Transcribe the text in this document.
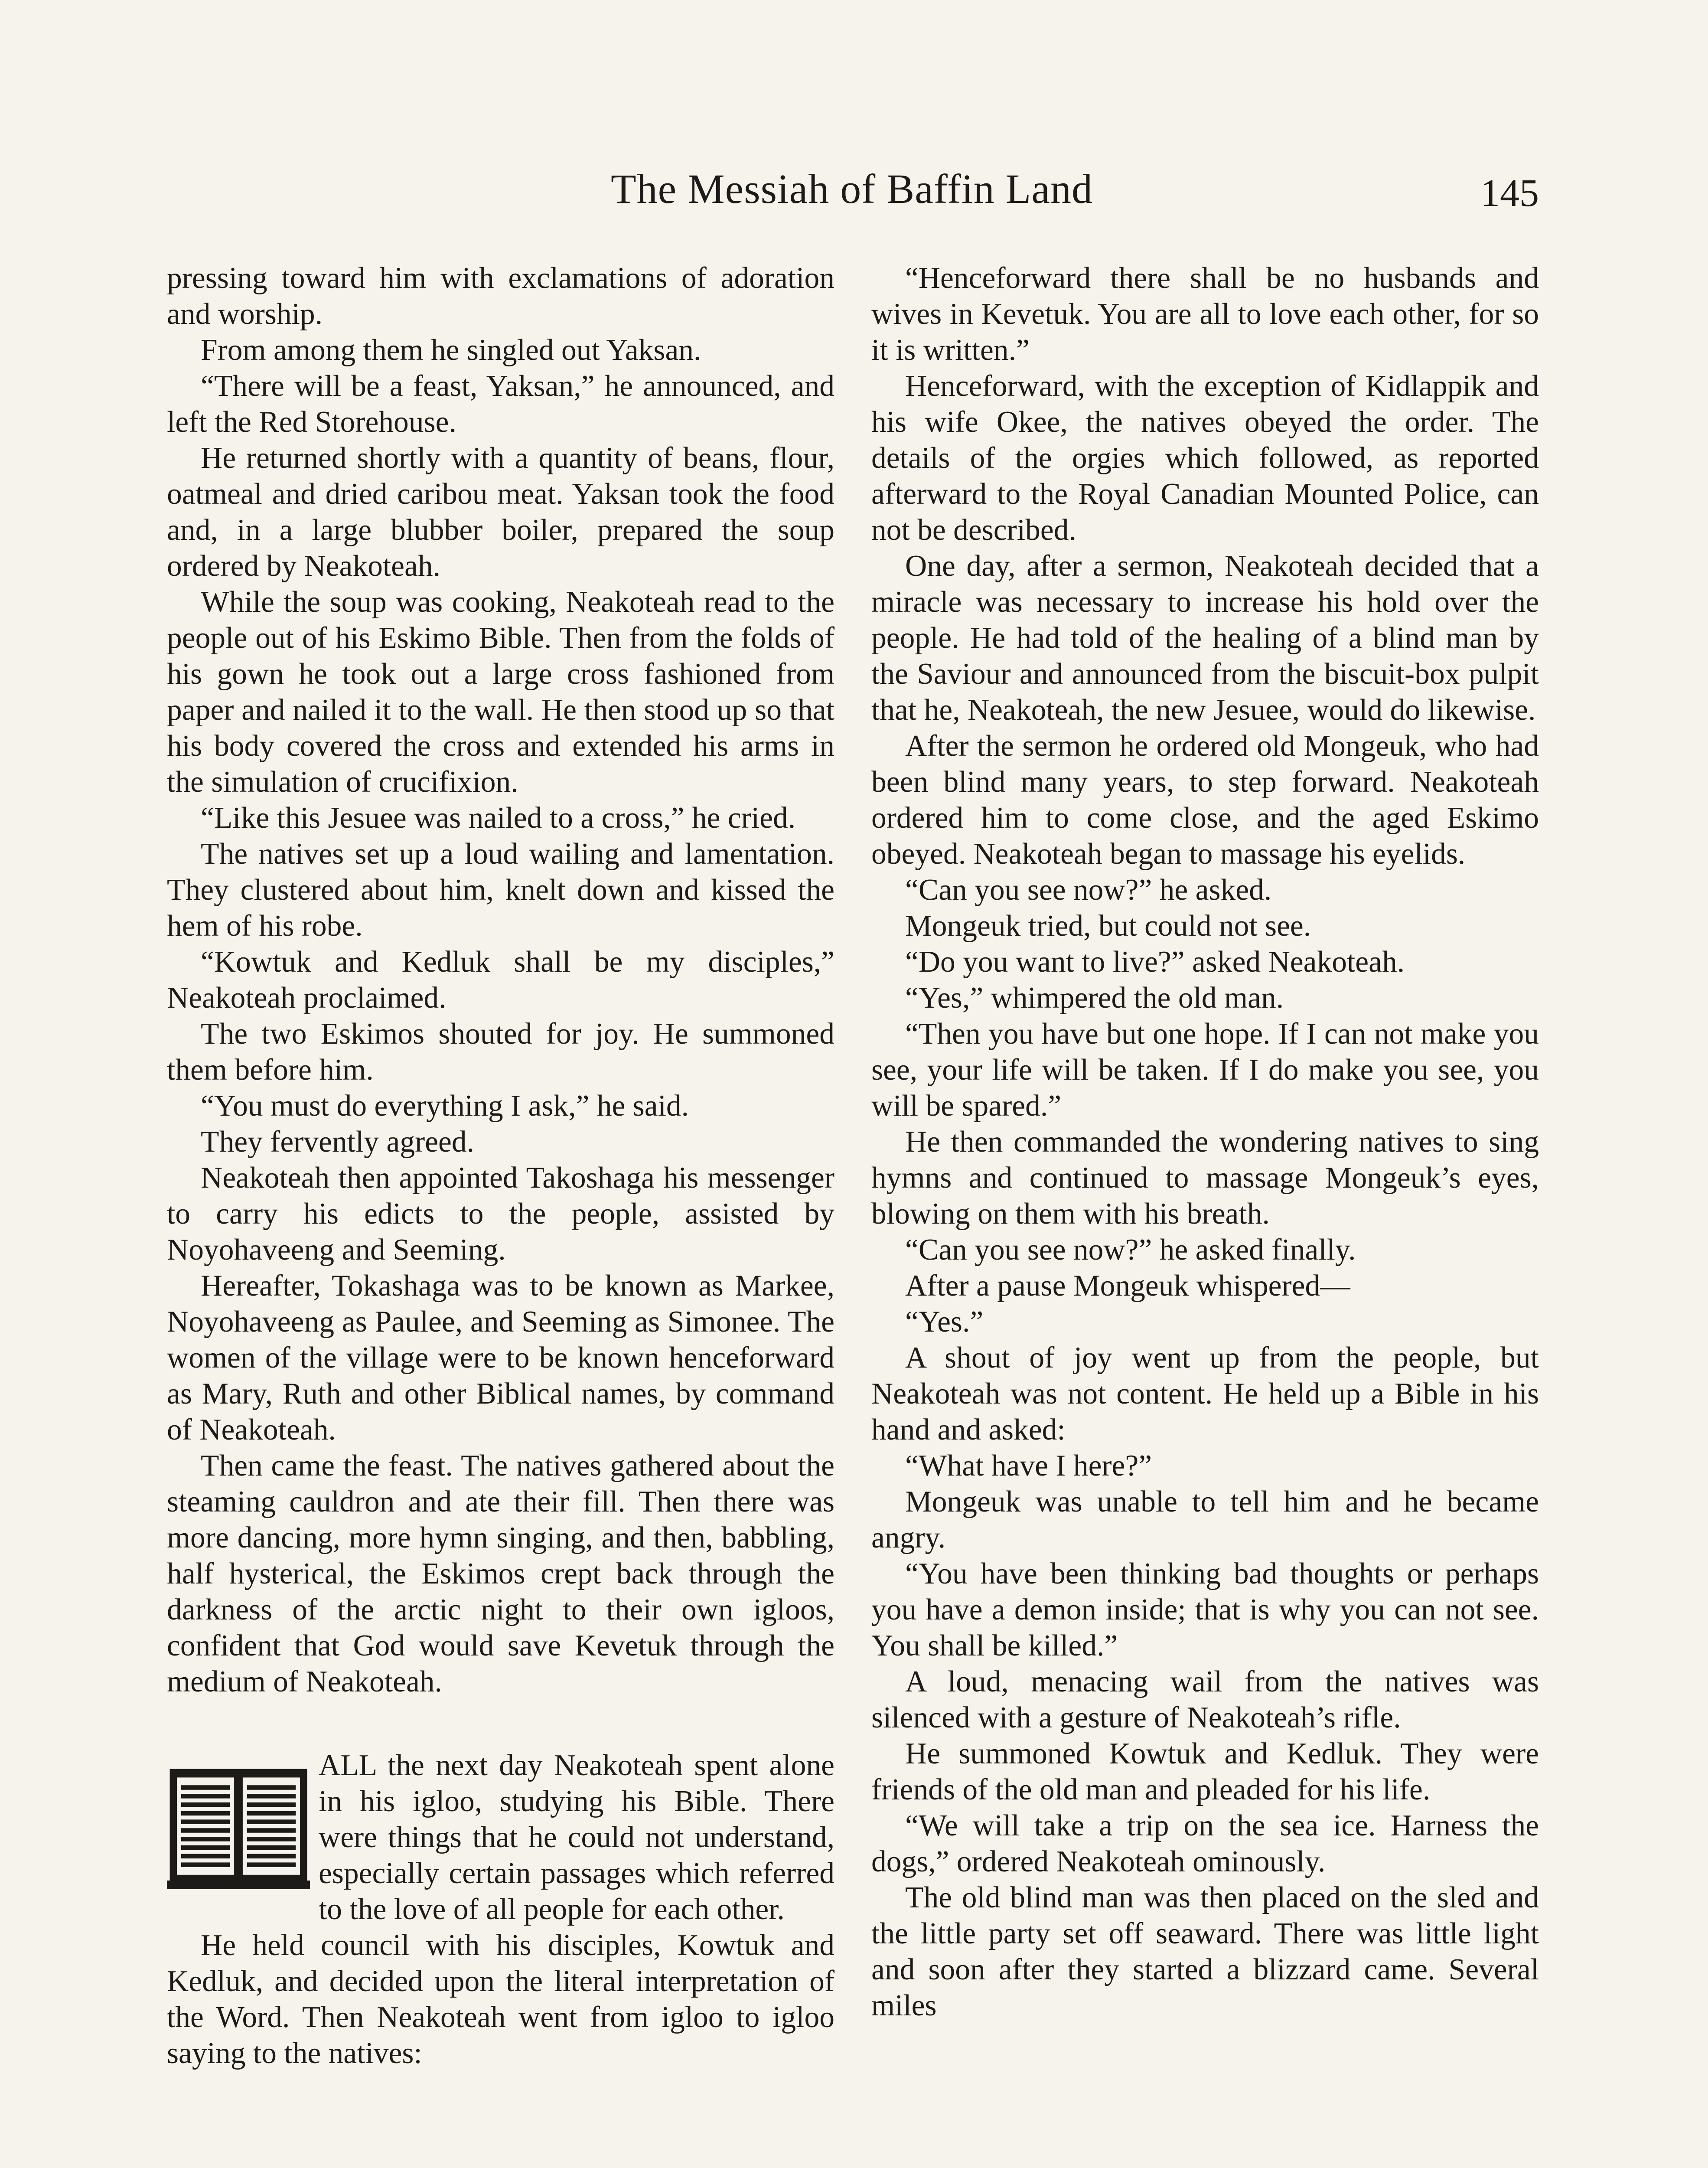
The Messiah of Baffin Land	145

pressing toward him with exclamations of adoration and worship.

From among them he singled out Yaksan.

“There will be a feast, Yaksan,” he announced, and left the Red Storehouse.

He returned shortly with a quantity of beans, flour, oatmeal and dried caribou meat. Yaksan took the food and, in a large blubber boiler, prepared the soup ordered by Neakoteah.

While the soup was cooking, Neakoteah read to the people out of his Eskimo Bible. Then from the folds of his gown he took out a large cross fashioned from paper and nailed it to the wall. He then stood up so that his body covered the cross and extended his arms in the simulation of crucifixion.

“Like this Jesuee was nailed to a cross,” he cried.

The natives set up a loud wailing and lamentation. They clustered about him, knelt down and kissed the hem of his robe.

“Kowtuk and Kedluk shall be my disciples,” Neakoteah proclaimed.

The two Eskimos shouted for joy. He summoned them before him.

“You must do everything I ask,” he said.

They fervently agreed.

Neakoteah then appointed Takoshaga his messenger to carry his edicts to the people, assisted by Noyohaveeng and Seeming.

Hereafter, Tokashaga was to be known as Markee, Noyohaveeng as Paulee, and Seeming as Simonee. The women of the village were to be known henceforward as Mary, Ruth and other Biblical names, by command of Neakoteah.

Then came the feast. The natives gathered about the steaming cauldron and ate their fill. Then there was more dancing, more hymn singing, and then, babbling, half hysterical, the Eskimos crept back through the darkness of the arctic night to their own igloos, confident that God would save Kevetuk through the medium of Neakoteah.

ALL the next day Neakoteah spent alone in his igloo, studying his Bible. There were things that he could not understand, especially certain passages which referred to the love of all people for each other.

He held council with his disciples, Kowtuk and Kedluk, and decided upon the literal interpretation of the Word. Then Neakoteah went from igloo to igloo saying to the natives:

“Henceforward there shall be no husbands and wives in Kevetuk. You are all to love each other, for so it is written.”

Henceforward, with the exception of Kidlappik and his wife Okee, the natives obeyed the order. The details of the orgies which followed, as reported afterward to the Royal Canadian Mounted Police, can not be described.

One day, after a sermon, Neakoteah decided that a miracle was necessary to increase his hold over the people. He had told of the healing of a blind man by the Saviour and announced from the biscuit-box pulpit that he, Neakoteah, the new Jesuee, would do likewise.

After the sermon he ordered old Mongeuk, who had been blind many years, to step forward. Neakoteah ordered him to come close, and the aged Eskimo obeyed. Neakoteah began to massage his eyelids.

“Can you see now?” he asked.

Mongeuk tried, but could not see.

“Do you want to live?” asked Neakoteah.

“Yes,” whimpered the old man.

“Then you have but one hope. If I can not make you see, your life will be taken. If I do make you see, you will be spared.”

He then commanded the wondering natives to sing hymns and continued to massage Mongeuk’s eyes, blowing on them with his breath.

“Can you see now?” he asked finally.

After a pause Mongeuk whispered—

“Yes.”

A shout of joy went up from the people, but Neakoteah was not content. He held up a Bible in his hand and asked:

“What have I here?”

Mongeuk was unable to tell him and he became angry.

“You have been thinking bad thoughts or perhaps you have a demon inside; that is why you can not see. You shall be killed.”

A loud, menacing wail from the natives was silenced with a gesture of Neakoteah’s rifle.

He summoned Kowtuk and Kedluk. They were friends of the old man and pleaded for his life.

“We will take a trip on the sea ice. Harness the dogs,” ordered Neakoteah ominously.

The old blind man was then placed on the sled and the little party set off seaward. There was little light and soon after they started a blizzard came. Several miles
